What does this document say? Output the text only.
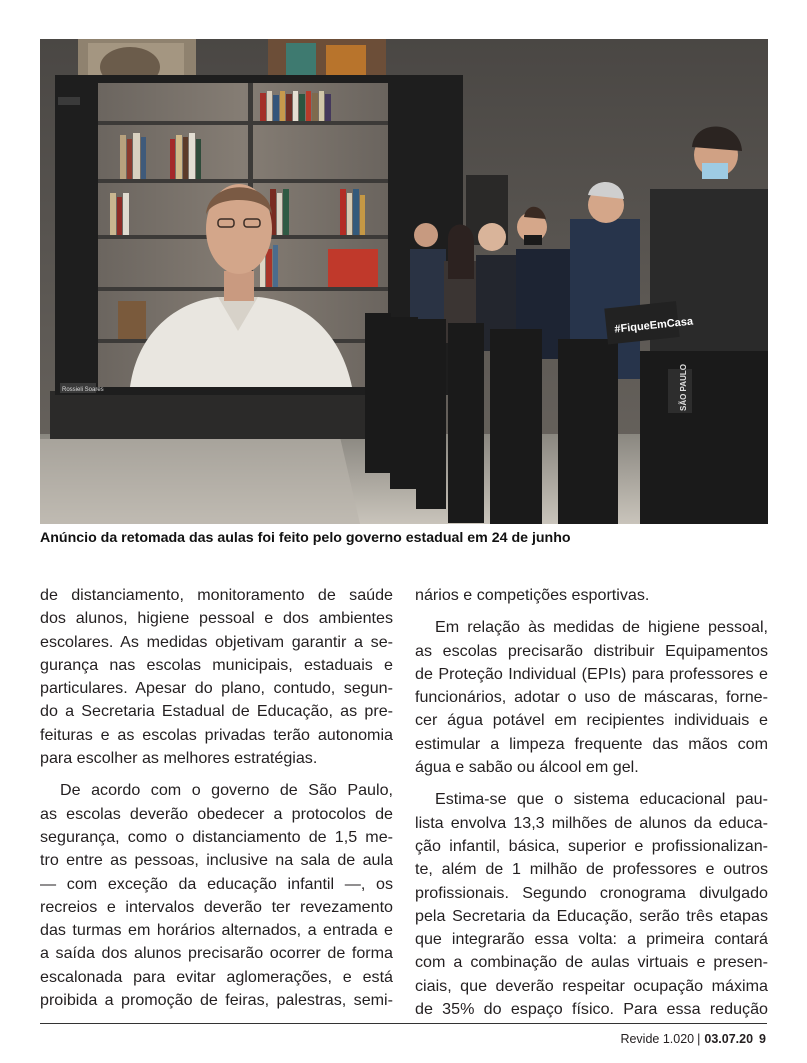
Rossieli Soares
#FiqueEmCasa
SÃO PAULO
Anúncio da retomada das aulas foi feito pelo governo estadual em 24 de junho

de distanciamento, monitoramento de saúde

dos alunos, higiene pessoal e dos ambientes

escolares. As medidas objetivam garantir a se-

gurança nas escolas municipais, estaduais e

particulares. Apesar do plano, contudo, segun-

do a Secretaria Estadual de Educação, as pre-

feituras e as escolas privadas terão autonomia

para escolher as melhores estratégias.

De acordo com o governo de São Paulo,

as escolas deverão obedecer a protocolos de

segurança, como o distanciamento de 1,5 me-

tro entre as pessoas, inclusive na sala de aula

— com exceção da educação infantil —, os

recreios e intervalos deverão ter revezamento

das turmas em horários alternados, a entrada e

a saída dos alunos precisarão ocorrer de forma

escalonada para evitar aglomerações, e está

proibida a promoção de feiras, palestras, semi-

nários e competições esportivas.

Em relação às medidas de higiene pessoal,

as escolas precisarão distribuir Equipamentos

de Proteção Individual (EPIs) para professores e

funcionários, adotar o uso de máscaras, forne-

cer água potável em recipientes individuais e

estimular a limpeza frequente das mãos com

água e sabão ou álcool em gel.

Estima-se que o sistema educacional pau-

lista envolva 13,3 milhões de alunos da educa-

ção infantil, básica, superior e profissionalizan-

te, além de 1 milhão de professores e outros

profissionais. Segundo cronograma divulgado

pela Secretaria da Educação, serão três etapas

que integrarão essa volta: a primeira contará

com a combinação de aulas virtuais e presen-

ciais, que deverão respeitar ocupação máxima

de 35% do espaço físico. Para essa redução

Revide 1.020 | 03.07.20 9
